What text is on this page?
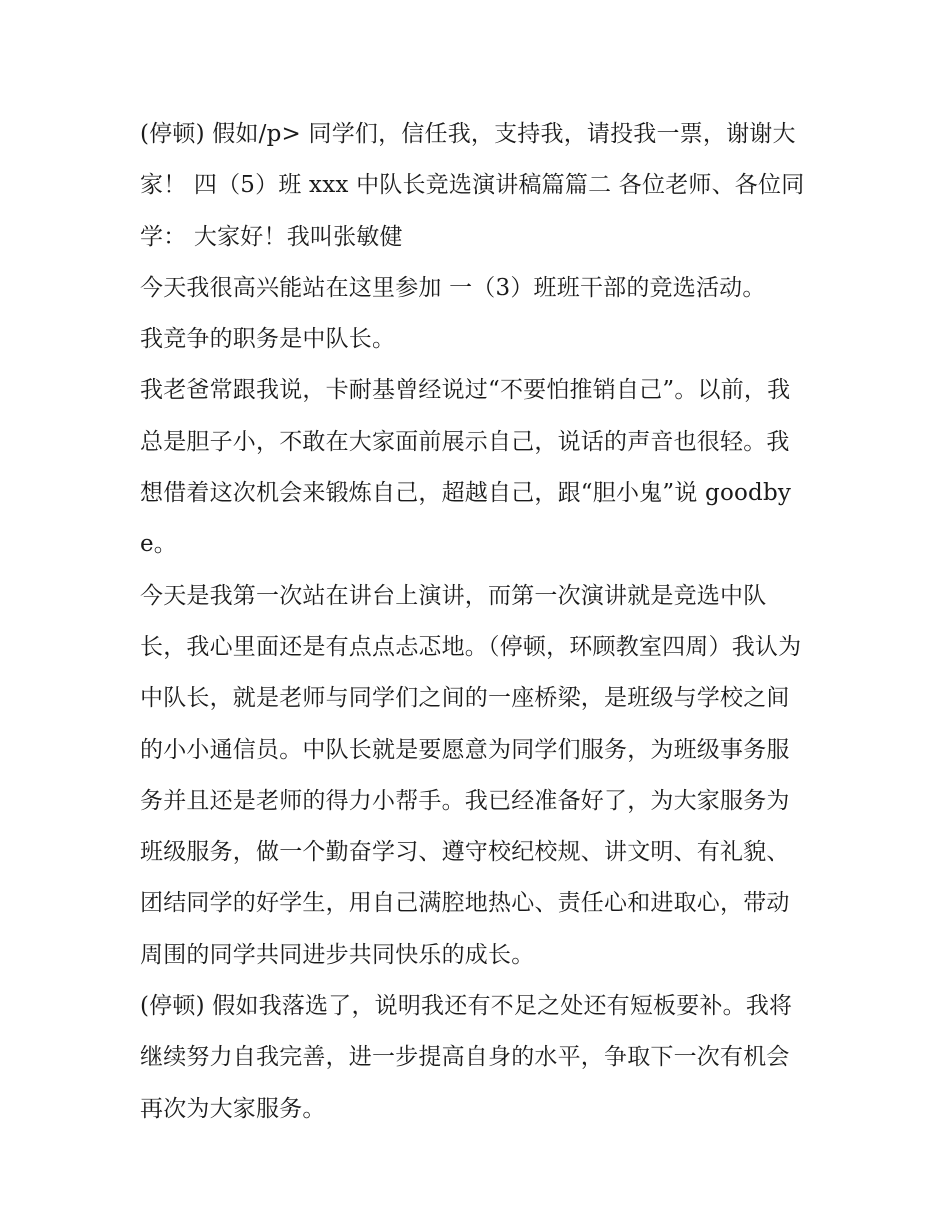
(停顿) 假如/p> 同学们，信任我，支持我，请投我一票，谢谢大家！ 四（5）班 xxx 中队长竞选演讲稿篇篇二 各位老师、各位同学： 大家好！我叫张敏健

今天我很高兴能站在这里参加 一（3）班班干部的竞选活动。

我竞争的职务是中队长。

我老爸常跟我说，卡耐基曾经说过“不要怕推销自己”。以前，我总是胆子小，不敢在大家面前展示自己，说话的声音也很轻。我想借着这次机会来锻炼自己，超越自己，跟“胆小鬼”说 goodbye。

今天是我第一次站在讲台上演讲，而第一次演讲就是竞选中队长，我心里面还是有点点忐忑地。（停顿，环顾教室四周）我认为中队长，就是老师与同学们之间的一座桥梁，是班级与学校之间的小小通信员。中队长就是要愿意为同学们服务，为班级事务服务并且还是老师的得力小帮手。我已经准备好了，为大家服务为班级服务，做一个勤奋学习、遵守校纪校规、讲文明、有礼貌、团结同学的好学生，用自己满腔地热心、责任心和进取心，带动周围的同学共同进步共同快乐的成长。

(停顿) 假如我落选了，说明我还有不足之处还有短板要补。我将继续努力自我完善，进一步提高自身的水平，争取下一次有机会再次为大家服务。
